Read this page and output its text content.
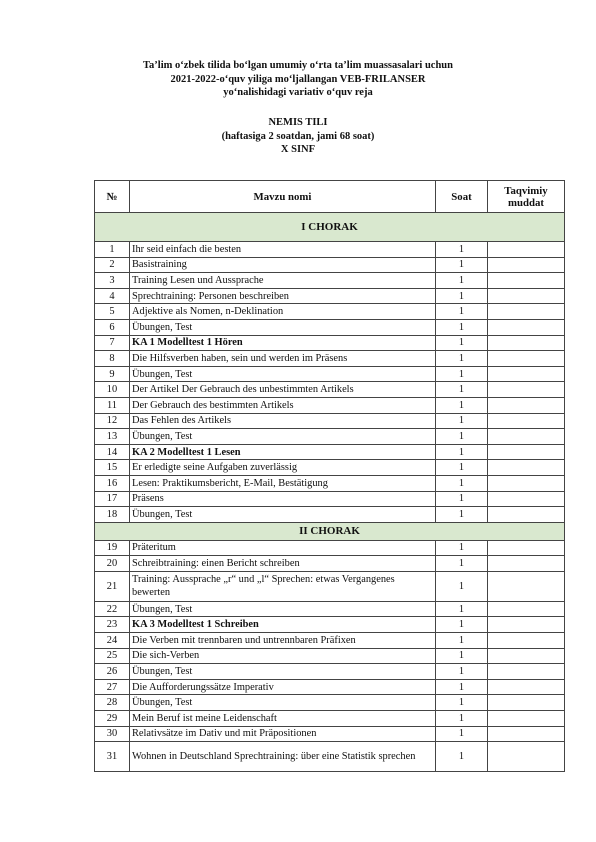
Ta’lim o‘zbek tilida bo‘lgan umumiy o‘rta ta’lim muassasalari uchun
2021-2022-o‘quv yiliga mo‘ljallangan VEB-FRILANSER
yo‘nalishidagi variativ o‘quv reja
NEMIS TILI
(haftasiga 2 soatdan, jami 68 soat)
X SINF
№	Mavzu nomi	Soat	Taqvimiy muddat
I CHORAK			
1	Ihr seid einfach die besten	1	
2	Basistraining	1	
3	Training Lesen und Aussprache	1	
4	Sprechtraining: Personen beschreiben	1	
5	Adjektive als Nomen, n-Deklination	1	
6	Übungen, Test	1	
7	KA 1 Modelltest 1 Hören	1	
8	Die Hilfsverben haben, sein und werden im Präsens	1	
9	Übungen, Test	1	
10	Der Artikel Der Gebrauch des unbestimmten Artikels	1	
11	Der Gebrauch des bestimmten Artikels	1	
12	Das Fehlen des Artikels	1	
13	Übungen, Test	1	
14	KA 2 Modelltest 1 Lesen	1	
15	Er erledigte seine Aufgaben zuverlässig	1	
16	Lesen: Praktikumsbericht, E-Mail, Bestätigung	1	
17	Präsens	1	
18	Übungen, Test	1	
II CHORAK			
19	Präteritum	1	
20	Schreibtraining: einen Bericht schreiben	1	
21	Training: Aussprache „r“ und „l“ Sprechen: etwas Vergangenes bewerten	1	
22	Übungen, Test	1	
23	KA 3 Modelltest 1 Schreiben	1	
24	Die Verben mit trennbaren und untrennbaren Präfixen	1	
25	Die sich-Verben	1	
26	Übungen, Test	1	
27	Die Aufforderungssätze Imperativ	1	
28	Übungen, Test	1	
29	Mein Beruf ist meine Leidenschaft	1	
30	Relativsätze im Dativ und mit Präpositionen	1	
31	Wohnen in Deutschland Sprechtraining: über eine Statistik sprechen	1	
